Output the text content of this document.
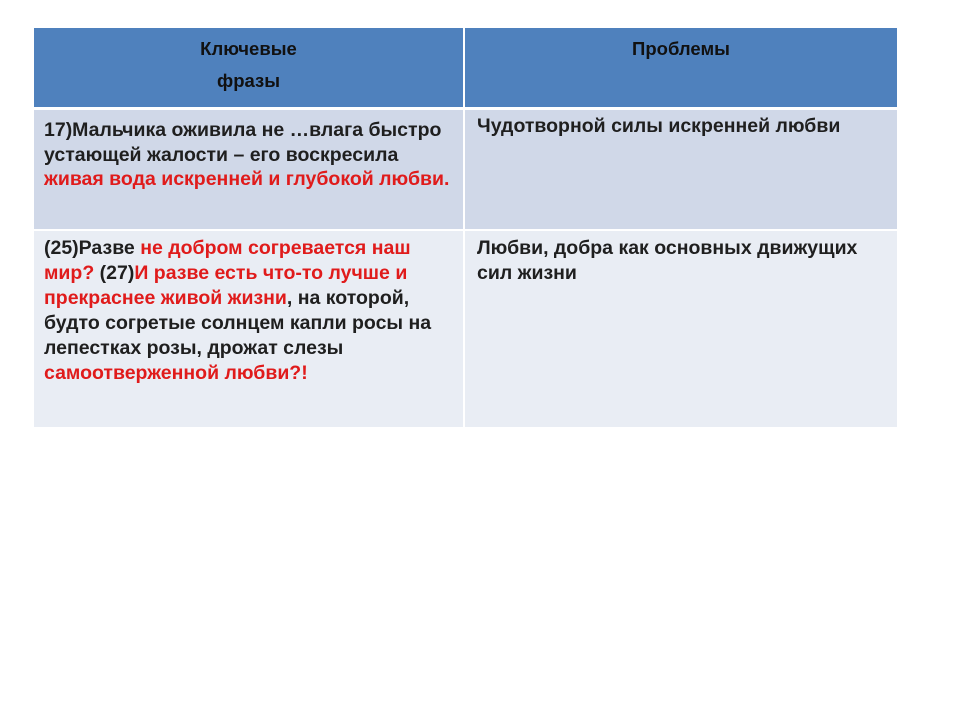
Ключевые
фразы
Проблемы
17)Мальчика оживила не …влага быстро устающей жалости – его воскресила живая вода искренней и глубокой любви.
Чудотворной силы искренней любви
(25)Разве не добром согревается наш мир? (27)И разве есть что-то лучше и прекраснее живой жизни, на которой, будто согретые солнцем капли росы на лепестках розы, дрожат слезы самоотверженной любви?!
Любви, добра как основных движущих сил жизни
